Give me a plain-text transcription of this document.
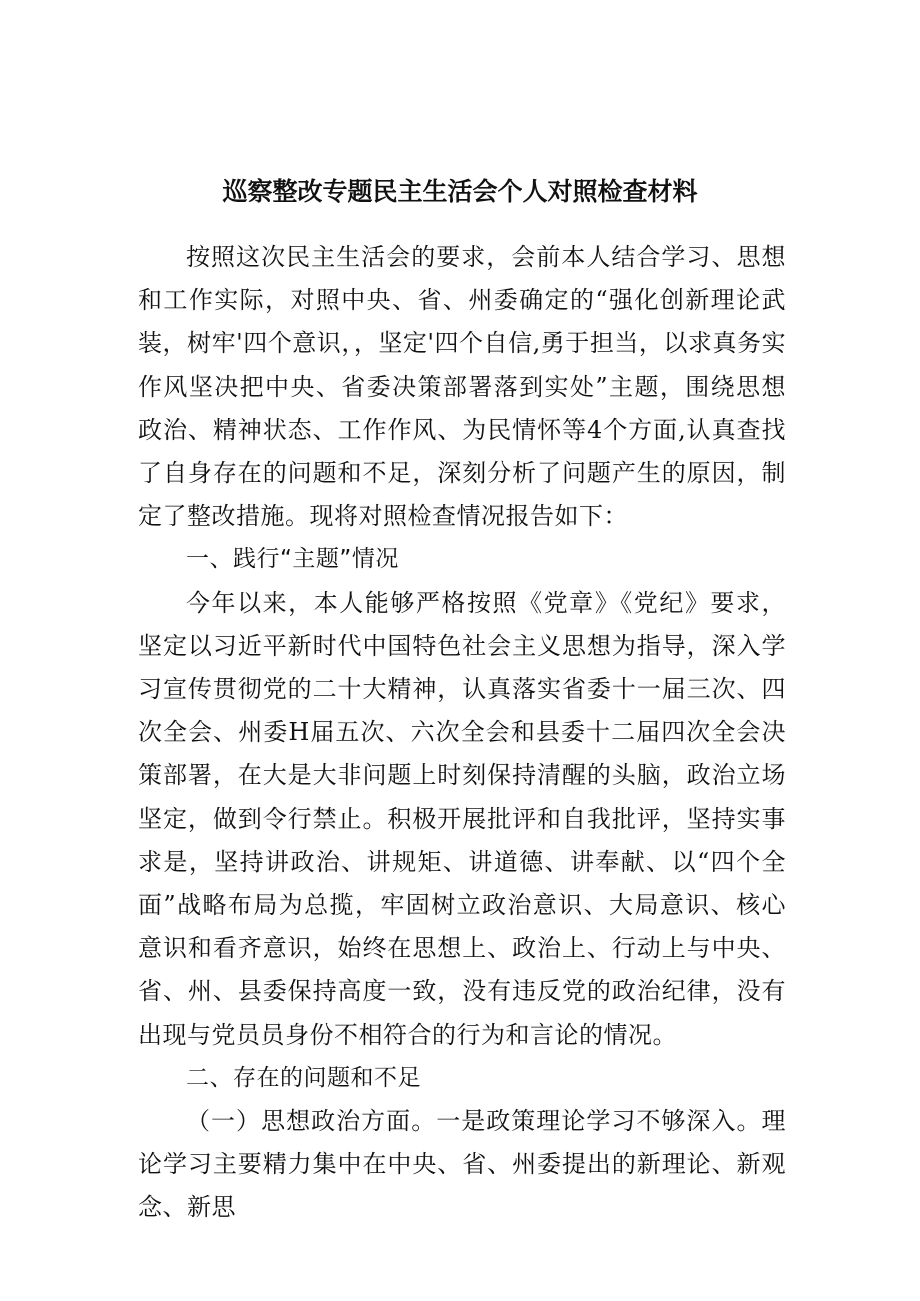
巡察整改专题民主生活会个人对照检查材料

按照这次民主生活会的要求，会前本人结合学习、思想和工作实际，对照中央、省、州委确定的“强化创新理论武装，树牢'四个意识，，坚定'四个自信,勇于担当，以求真务实作风坚决把中央、省委决策部署落到实处”主题，围绕思想政治、精神状态、工作作风、为民情怀等4个方面,认真查找了自身存在的问题和不足，深刻分析了问题产生的原因，制定了整改措施。现将对照检查情况报告如下：

一、践行“主题”情况

今年以来，本人能够严格按照《党章》《党纪》要求，坚定以习近平新时代中国特色社会主义思想为指导，深入学习宣传贯彻党的二十大精神，认真落实省委十一届三次、四次全会、州委H届五次、六次全会和县委十二届四次全会决策部署，在大是大非问题上时刻保持清醒的头脑，政治立场坚定，做到令行禁止。积极开展批评和自我批评，坚持实事求是，坚持讲政治、讲规矩、讲道德、讲奉献、以“四个全面”战略布局为总揽，牢固树立政治意识、大局意识、核心意识和看齐意识，始终在思想上、政治上、行动上与中央、省、州、县委保持高度一致，没有违反党的政治纪律，没有出现与党员员身份不相符合的行为和言论的情况。

二、存在的问题和不足

（一）思想政治方面。一是政策理论学习不够深入。理论学习主要精力集中在中央、省、州委提出的新理论、新观念、新思
